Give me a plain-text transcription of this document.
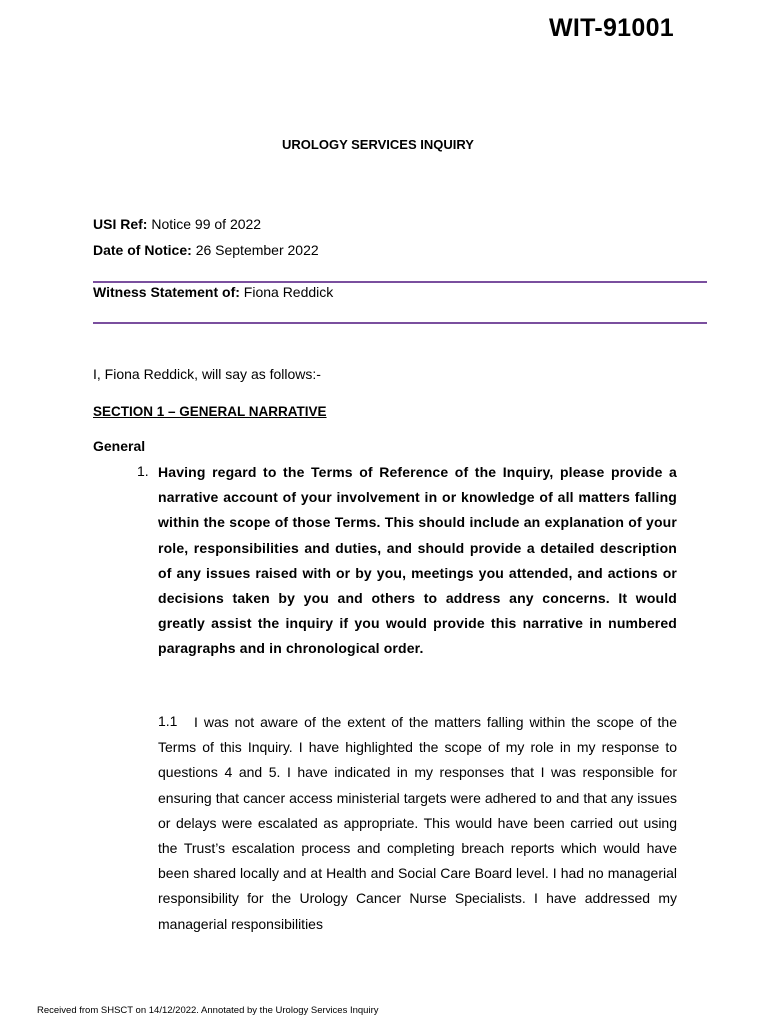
WIT-91001
UROLOGY SERVICES INQUIRY
USI Ref: Notice 99 of 2022
Date of Notice: 26 September 2022
Witness Statement of: Fiona Reddick
I, Fiona Reddick, will say as follows:-
SECTION 1 – GENERAL NARRATIVE
General
1. Having regard to the Terms of Reference of the Inquiry, please provide a narrative account of your involvement in or knowledge of all matters falling within the scope of those Terms. This should include an explanation of your role, responsibilities and duties, and should provide a detailed description of any issues raised with or by you, meetings you attended, and actions or decisions taken by you and others to address any concerns. It would greatly assist the inquiry if you would provide this narrative in numbered paragraphs and in chronological order.
1.1	I was not aware of the extent of the matters falling within the scope of the Terms of this Inquiry. I have highlighted the scope of my role in my response to questions 4 and 5. I have indicated in my responses that I was responsible for ensuring that cancer access ministerial targets were adhered to and that any issues or delays were escalated as appropriate. This would have been carried out using the Trust’s escalation process and completing breach reports which would have been shared locally and at Health and Social Care Board level. I had no managerial responsibility for the Urology Cancer Nurse Specialists. I have addressed my managerial responsibilities
Received from SHSCT on 14/12/2022. Annotated by the Urology Services Inquiry
